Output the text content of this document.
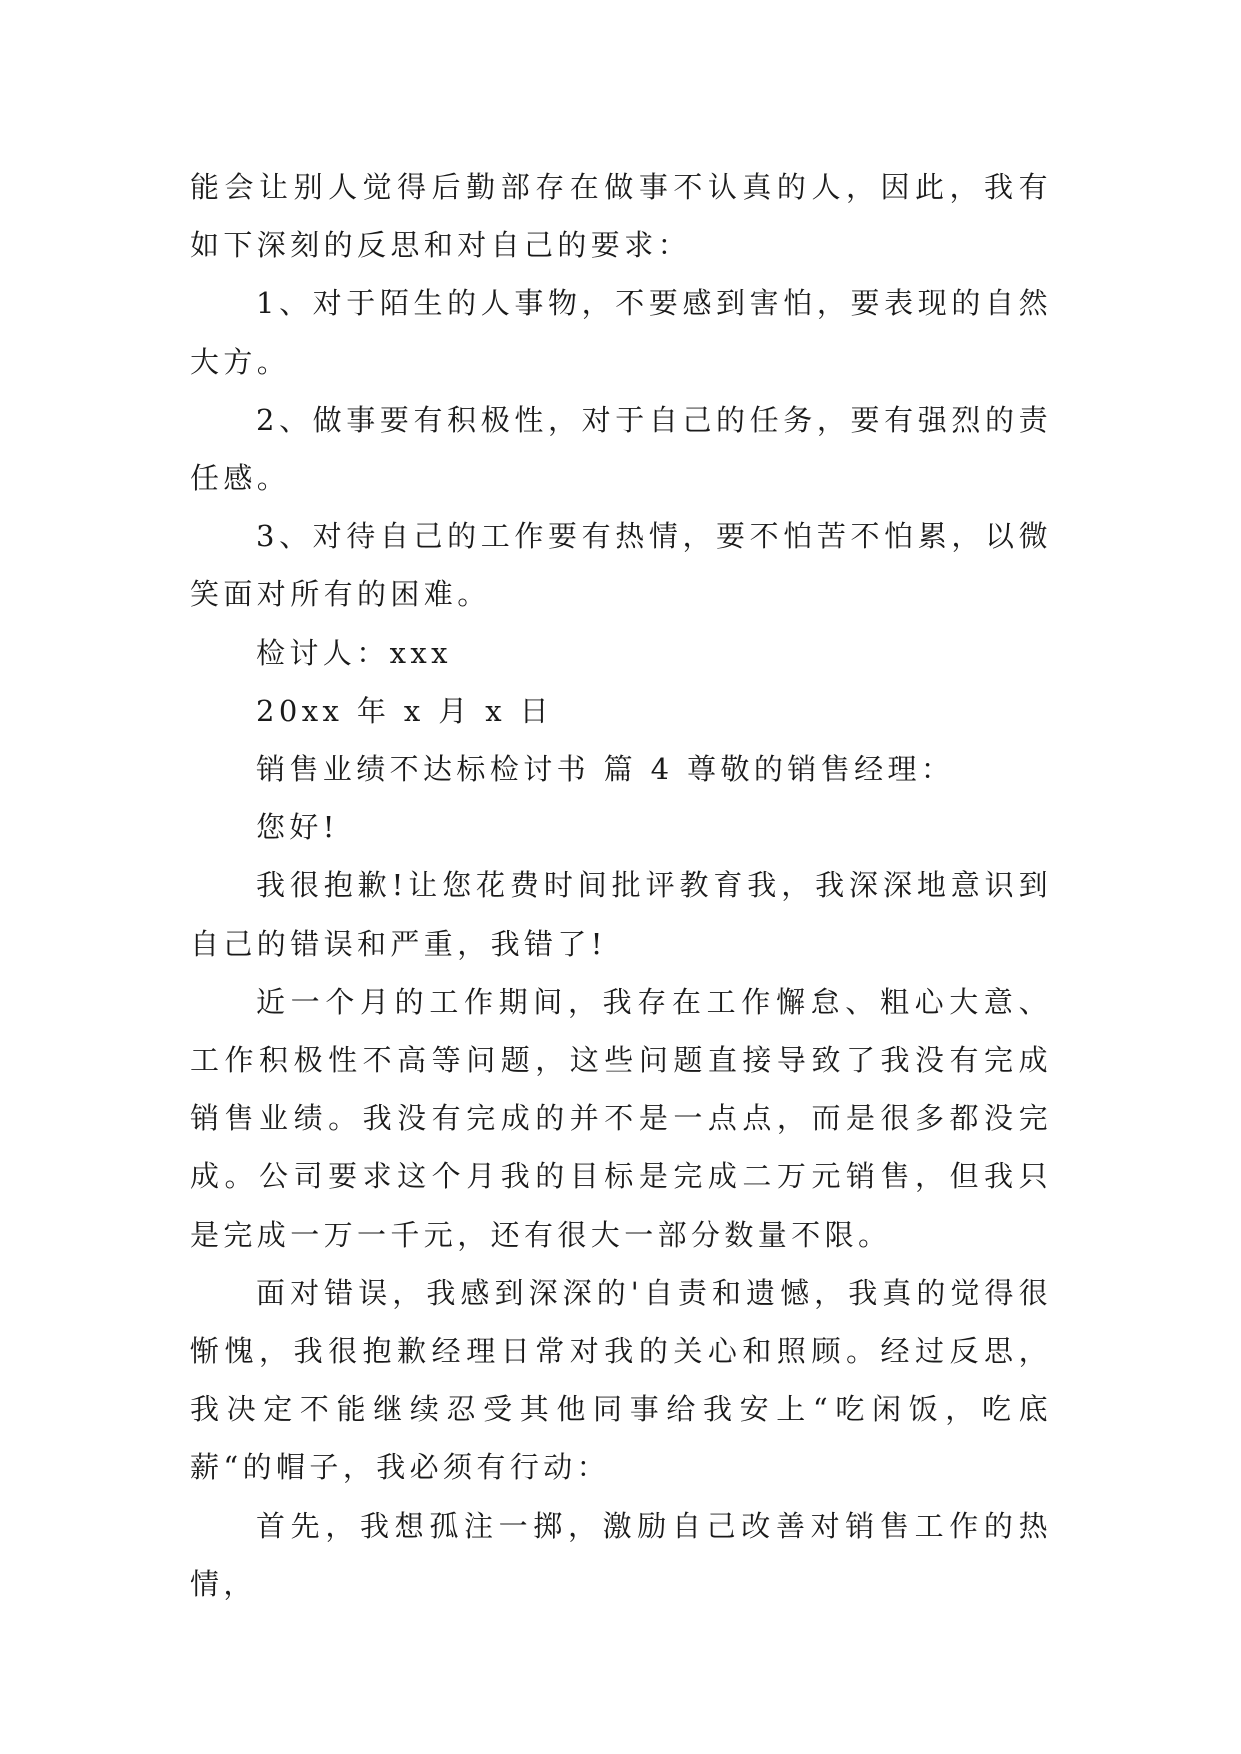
能会让别人觉得后勤部存在做事不认真的人，因此，我有如下深刻的反思和对自己的要求：

1、对于陌生的人事物，不要感到害怕，要表现的自然大方。

2、做事要有积极性，对于自己的任务，要有强烈的责任感。

3、对待自己的工作要有热情，要不怕苦不怕累，以微笑面对所有的困难。

检讨人：xxx

20xx 年 x 月 x 日

销售业绩不达标检讨书 篇 4 尊敬的销售经理：

您好!

我很抱歉!让您花费时间批评教育我，我深深地意识到自己的错误和严重，我错了!

近一个月的工作期间，我存在工作懈怠、粗心大意、工作积极性不高等问题，这些问题直接导致了我没有完成销售业绩。我没有完成的并不是一点点，而是很多都没完成。公司要求这个月我的目标是完成二万元销售，但我只是完成一万一千元，还有很大一部分数量不限。

面对错误，我感到深深的'自责和遗憾，我真的觉得很惭愧，我很抱歉经理日常对我的关心和照顾。经过反思，我决定不能继续忍受其他同事给我安上“吃闲饭，吃底薪“的帽子，我必须有行动：

首先，我想孤注一掷，激励自己改善对销售工作的热情，
